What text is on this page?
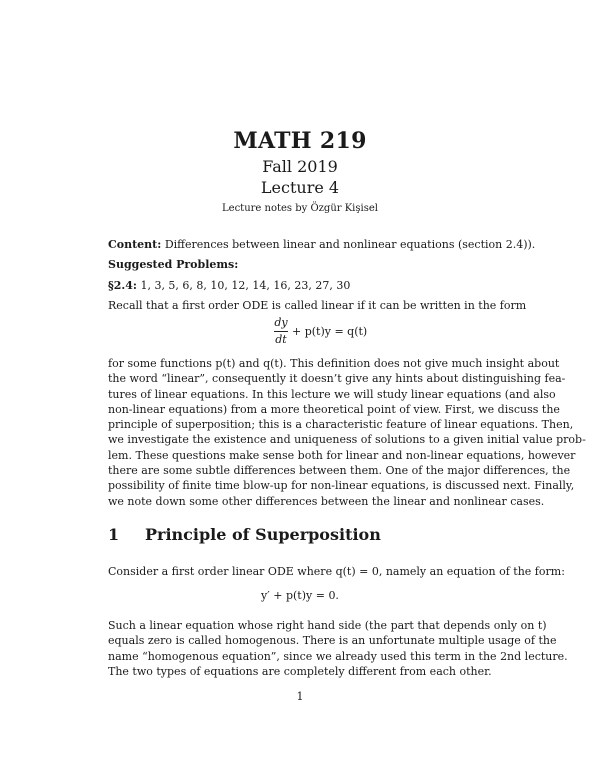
MATH 219
Fall 2019
Lecture 4
Lecture notes by Özgür Kişisel
Content: Differences between linear and nonlinear equations (section 2.4)).
Suggested Problems:
§2.4: 1, 3, 5, 6, 8, 10, 12, 14, 16, 23, 27, 30
Recall that a first order ODE is called linear if it can be written in the form
dy
dt
+ p(t)y = q(t)
for some functions p(t) and q(t). This definition does not give much insight about
the word “linear”, consequently it doesn’t give any hints about distinguishing fea-
tures of linear equations. In this lecture we will study linear equations (and also
non-linear equations) from a more theoretical point of view. First, we discuss the
principle of superposition; this is a characteristic feature of linear equations. Then,
we investigate the existence and uniqueness of solutions to a given initial value prob-
lem. These questions make sense both for linear and non-linear equations, however
there are some subtle differences between them. One of the major differences, the
possibility of finite time blow-up for non-linear equations, is discussed next. Finally,
we note down some other differences between the linear and nonlinear cases.
1 Principle of Superposition
Consider a first order linear ODE where q(t) = 0, namely an equation of the form:
y′ + p(t)y = 0.
Such a linear equation whose right hand side (the part that depends only on t)
equals zero is called homogenous. There is an unfortunate multiple usage of the
name “homogenous equation”, since we already used this term in the 2nd lecture.
The two types of equations are completely different from each other.
1
